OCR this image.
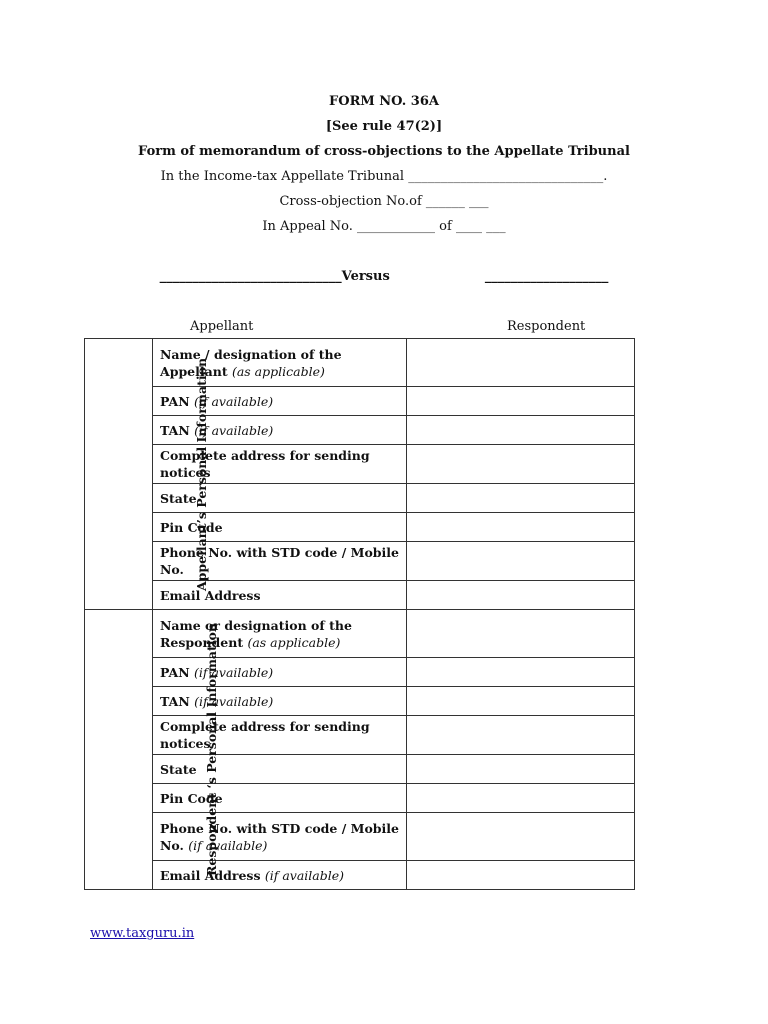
FORM NO. 36A
[See rule 47(2)]
Form of memorandum of cross-objections to the Appellate Tribunal
In the Income-tax Appellate Tribunal ______________________________.
Cross-objection No.of ______ ___
In Appeal No. ____________ of ____ ___
____________________________Versus                     ___________________
Appellant	Respondent
Appellant’s Personal Information	Name / designation of the Appellant (as applicable)	
	PAN (if available)	
	TAN (if available)	
	Complete address for sending notices	
	State	
	Pin Code	
	Phone No. with STD code / Mobile No.	
	Email Address	
Respondent ‘s Personal Information	Name or designation of the Respondent (as applicable)	
	PAN (if available)	
	TAN (if available)	
	Complete address for sending notices	
	State	
	Pin Code	
	Phone No. with STD code / Mobile No. (if available)	
	Email Address (if available)	
www.taxguru.in
